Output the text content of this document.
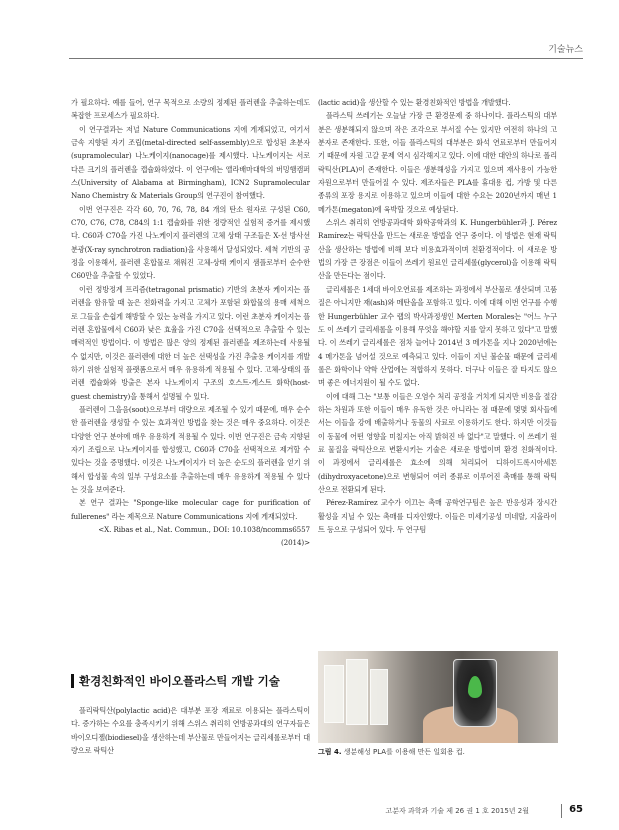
기술뉴스

가 필요하다. 예를 들어, 연구 목적으로 소량의 정제된 플러렌을 추출하는데도 복잡한 프로세스가 필요하다.

이 연구결과는 저널 Nature Communications 지에 게재되었고, 여기서 금속 지향된 자기 조립(metal-directed self-assembly)으로 합성된 초분자(supramolecular) 나노케이지(nanocage)를 제시했다. 나노케이지는 서로 다른 크기의 플러렌을 캡슐화하였다. 이 연구에는 앨라배마대학의 버밍햄캠퍼스(University of Alabama at Birmingham), ICN2 Supramolecular Nano Chemistry & Materials Group의 연구진이 참여했다.

이번 연구진은 각각 60, 70, 76, 78, 84 개의 탄소 원자로 구성된 C60, C70, C76, C78, C84의 1:1 캡슐화를 위한 정량적인 실험적 증거를 제시했다. C60과 C70을 가진 나노케이지 플러렌의 고체 상태 구조들은 X-선 방사선 분광(X-ray synchrotron radiation)을 사용해서 달성되었다. 세척 기반의 공정을 이용해서, 플러렌 혼합물로 채워진 고체-상태 케이지 샘플로부터 순수한 C60만을 추출할 수 있었다.

이런 정방정계 프리즘(tetragonal prismatic) 기반의 초분자 케이지는 플러렌을 함유할 때 높은 친화력을 가지고 고체가 포함된 화합물의 용매 세척으로 그들을 손쉽게 해방할 수 있는 능력을 가지고 있다. 이런 초분자 케이지는 플러렌 혼합물에서 C60과 낮은 효율을 가진 C70을 선택적으로 추출할 수 있는 매력적인 방법이다. 이 방법은 많은 양의 정제된 플러렌을 제조하는데 사용될 수 없지만, 이것은 플러렌에 대한 더 높은 선택성을 가진 추출용 케이지를 개발하기 위한 실험적 플랫폼으로서 매우 유용하게 적용될 수 있다. 고체-상태의 플러렌 캡슐화와 방출은 본자 나노케이지 구조의 호스트-게스트 화학(host-guest chemistry)을 통해서 설명될 수 있다.

플러렌이 그을음(soot)으로부터 대량으로 제조될 수 있기 때문에, 매우 순수한 플러렌을 생성할 수 있는 효과적인 방법을 찾는 것은 매우 중요하다. 이것은 다양한 연구 분야에 매우 유용하게 적용될 수 있다. 이번 연구진은 금속 지향된 자기 조립으로 나노케이지를 합성했고, C60과 C70을 선택적으로 제거할 수 있다는 것을 증명했다. 이것은 나노케이지가 더 높은 순도의 플러렌을 얻기 위해서 합성물 속의 일부 구성요소를 추출하는데 매우 유용하게 적용될 수 있다는 것을 보여준다.

본 연구 결과는 "Sponge-like molecular cage for purification of fullerenes" 라는 제목으로 Nature Communications 지에 게재되었다.

<X. Ribas et al., Nat. Commun., DOI: 10.1038/ncomms6557 (2014)>

환경친화적인 바이오플라스틱 개발 기술

플리락틱산(polylactic acid)은 대부분 포장 재료로 이용되는 플라스틱이다. 증가하는 수요를 충족시키기 위해 스위스 취리히 연방공과대의 연구자들은 바이오디젤(biodiesel)을 생산하는데 부산물로 만들어지는 글리세롤로부터 대량으로 락틱산

(lactic acid)을 생산할 수 있는 환경친화적인 방법을 개발했다.

플라스틱 쓰레기는 오늘날 가장 큰 환경문제 중 하나이다. 플라스틱의 대부분은 생분해되지 않으며 작은 조각으로 부서질 수는 있지만 여전히 하나의 고분자로 존재한다. 또한, 이들 플라스틱의 대부분은 화석 연료로부터 만들어지기 때문에 자원 고갈 문제 역시 심각해지고 있다. 이에 대한 대안의 하나로 폴리락틱산(PLA)이 존재한다. 이들은 생분해성을 가지고 있으며 재사용이 가능한 자원으로부터 만들어질 수 있다. 제조자들은 PLA를 휴대용 컵, 가방 및 다른 종류의 포장 용지로 이용하고 있으며 이들에 대한 수요는 2020년까지 매년 1 메가톤(megaton)에 육박할 것으로 예상된다.

스위스 취리히 연방공과대학 화학공학과의 K. Hungerbühler과 J. Pérez Ramírez는 락틱산을 만드는 새로운 방법을 연구 중이다. 이 방법은 현재 락틱산을 생산하는 방법에 비해 보다 비용효과적이며 친환경적이다. 이 새로운 방법의 가장 큰 장점은 이들이 쓰레기 원료인 글리세롤(glycerol)을 이용해 락틱산을 만든다는 점이다.

글리세롤은 1세대 바이오연료를 제조하는 과정에서 부산물로 생산되며 고품질은 아니지만 재(ash)와 메탄올을 포함하고 있다. 이에 대해 이번 연구를 수행한 Hungerbühler 교수 랩의 박사과정생인 Merten Morales는 "어느 누구도 이 쓰레기 글리세롤을 이용해 무엇을 해야할 지를 알지 못하고 있다"고 말했다. 이 쓰레기 글리세롤은 점차 늘어나 2014년 3 메가톤을 지나 2020년에는 4 메가톤을 넘어설 것으로 예측되고 있다. 이들이 지닌 불순물 때문에 글리세롤은 화학이나 약학 산업에는 적합하지 못하다. 더구나 이들은 잘 타지도 않으며 좋은 에너지원이 될 수도 없다.

이에 대해 그는 "보통 이들은 오염수 처리 공정을 거치게 되지만 비용을 절감하는 차원과 또한 이들이 매우 유독한 것은 아니라는 점 때문에 몇몇 회사들에서는 이들을 강에 배출하거나 동물의 사료로 이용하기도 한다. 하지만 이것들이 동물에 어떤 영향을 미칠지는 아직 밝혀진 바 없다"고 말했다. 이 쓰레기 원료 물질을 락틱산으로 변환시키는 기술은 새로운 방법이며 환경 친화적이다. 이 과정에서 글리세롤은 효소에 의해 처리되어 디하이드록시아세톤(dihydroxyacetone)으로 변형되어 여러 종류로 이루어진 촉매를 통해 락틱산으로 전환되게 된다.

Pérez-Ramírez 교수가 이끄는 촉매 공학연구팀은 높은 반응성과 장시간 활성을 지닐 수 있는 촉매를 디자인했다. 이들은 미세기공성 미네랄, 지올라이트 등으로 구성되어 있다. 두 연구팀

그림 4. 생분해성 PLA를 이용해 만든 일회용 컵.
고분자 과학과 기술 제 26 권 1 호 2015년 2월	65
